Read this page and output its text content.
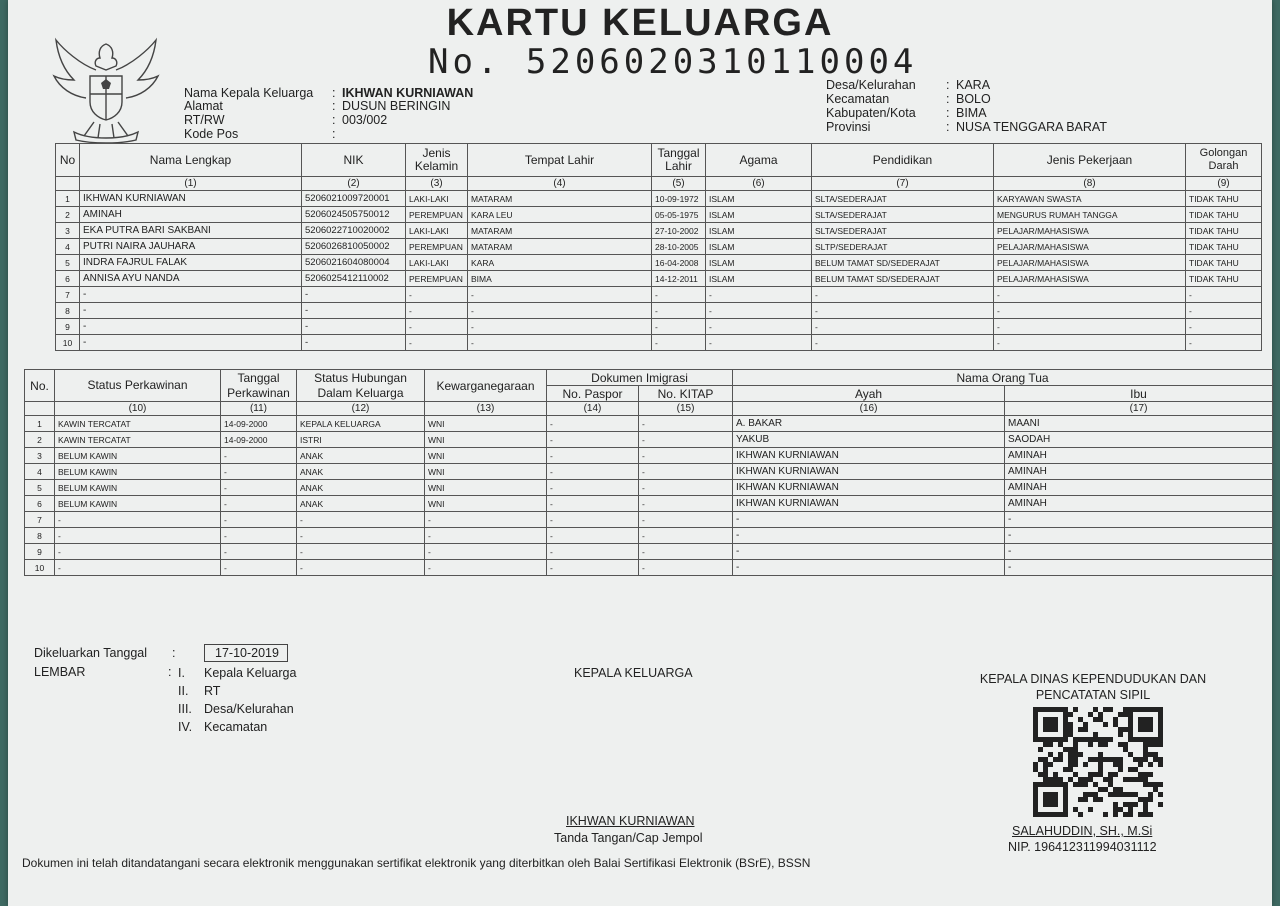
KARTU KELUARGA
No. 5206020310110004
Nama Kepala Keluarga : IKHWAN KURNIAWAN
Alamat	: DUSUN BERINGIN
RT/RW	: 003/002
Kode Pos	:
Desa/Kelurahan : KARA
Kecamatan	: BOLO
Kabupaten/Kota : BIMA
Provinsi	: NUSA TENGGARA BARAT
No	Nama Lengkap	NIK	Jenis Kelamin	Tempat Lahir	Tanggal Lahir	Agama	Pendidikan	Jenis Pekerjaan	Golongan Darah
	(1)	(2)	(3)	(4)	(5)	(6)	(7)	(8)	(9)
1	IKHWAN KURNIAWAN	5206021009720001	LAKI-LAKI	MATARAM	10-09-1972	ISLAM	SLTA/SEDERAJAT	KARYAWAN SWASTA	TIDAK TAHU
2	AMINAH	5206024505750012	PEREMPUAN	KARA LEU	05-05-1975	ISLAM	SLTA/SEDERAJAT	MENGURUS RUMAH TANGGA	TIDAK TAHU
3	EKA PUTRA BARI SAKBANI	5206022710020002	LAKI-LAKI	MATARAM	27-10-2002	ISLAM	SLTA/SEDERAJAT	PELAJAR/MAHASISWA	TIDAK TAHU
4	PUTRI NAIRA JAUHARA	5206026810050002	PEREMPUAN	MATARAM	28-10-2005	ISLAM	SLTP/SEDERAJAT	PELAJAR/MAHASISWA	TIDAK TAHU
5	INDRA FAJRUL FALAK	5206021604080004	LAKI-LAKI	KARA	16-04-2008	ISLAM	BELUM TAMAT SD/SEDERAJAT	PELAJAR/MAHASISWA	TIDAK TAHU
6	ANNISA AYU NANDA	5206025412110002	PEREMPUAN	BIMA	14-12-2011	ISLAM	BELUM TAMAT SD/SEDERAJAT	PELAJAR/MAHASISWA	TIDAK TAHU
7	-	-	-	-	-	-	-	-	-
8	-	-	-	-	-	-	-	-	-
9	-	-	-	-	-	-	-	-	-
10	-	-	-	-	-	-	-	-	-
No.	Status Perkawinan	Tanggal Perkawinan	Status Hubungan Dalam Keluarga	Kewarganegaraan	Dokumen Imigrasi		Nama Orang Tua	
					No. Paspor	No. KITAP	Ayah	Ibu
	(10)	(11)	(12)	(13)	(14)	(15)	(16)	(17)
1	KAWIN TERCATAT	14-09-2000	KEPALA KELUARGA	WNI	-	-	A. BAKAR	MAANI
2	KAWIN TERCATAT	14-09-2000	ISTRI	WNI	-	-	YAKUB	SAODAH
3	BELUM KAWIN	-	ANAK	WNI	-	-	IKHWAN KURNIAWAN	AMINAH
4	BELUM KAWIN	-	ANAK	WNI	-	-	IKHWAN KURNIAWAN	AMINAH
5	BELUM KAWIN	-	ANAK	WNI	-	-	IKHWAN KURNIAWAN	AMINAH
6	BELUM KAWIN	-	ANAK	WNI	-	-	IKHWAN KURNIAWAN	AMINAH
7	-	-	-	-	-	-	-	-
8	-	-	-	-	-	-	-	-
9	-	-	-	-	-	-	-	-
10	-	-	-	-	-	-	-	-
Dikeluarkan Tanggal :	17-10-2019
LEMBAR	: I. Kepala Keluarga
II. RT
III. Desa/Kelurahan
IV. Kecamatan
KEPALA KELUARGA
IKHWAN KURNIAWAN
Tanda Tangan/Cap Jempol
KEPALA DINAS KEPENDUDUKAN DAN
PENCATATAN SIPIL
SALAHUDDIN, SH., M.Si
NIP. 196412311994031112
Dokumen ini telah ditandatangani secara elektronik menggunakan sertifikat elektronik yang diterbitkan oleh Balai Sertifikasi Elektronik (BSrE), BSSN
